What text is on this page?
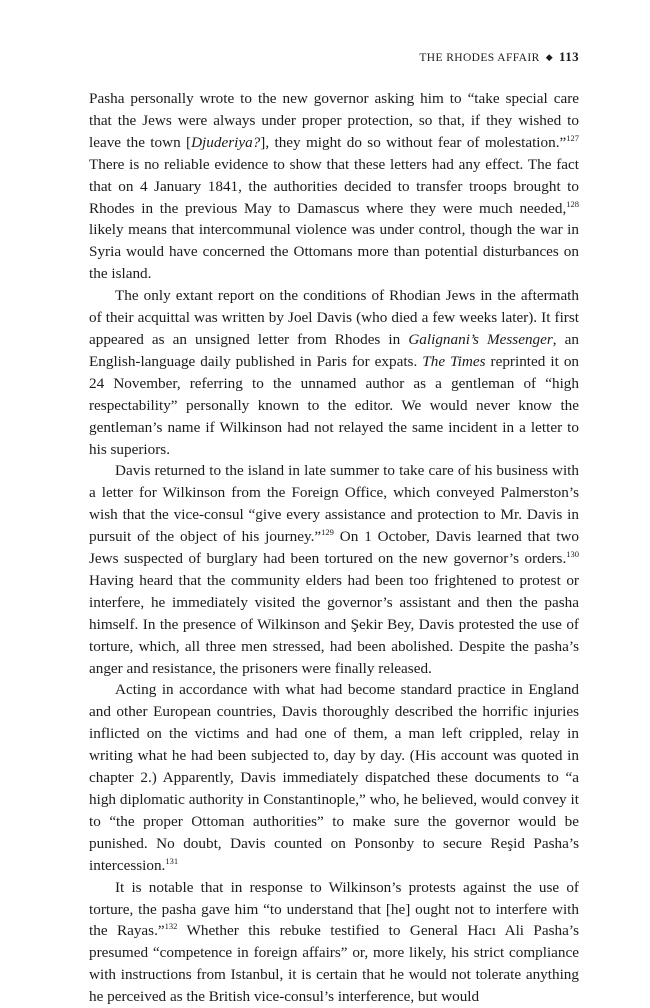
THE RHODES AFFAIR ◆ 113

Pasha personally wrote to the new governor asking him to “take special care that the Jews were always under proper protection, so that, if they wished to leave the town [Djuderiya?], they might do so without fear of molestation.”$^{127}$ There is no reliable evidence to show that these letters had any effect. The fact that on 4 January 1841, the authorities decided to transfer troops brought to Rhodes in the previous May to Damascus where they were much needed,$^{128}$ likely means that intercommunal violence was under control, though the war in Syria would have concerned the Ottomans more than potential disturbances on the island.

The only extant report on the conditions of Rhodian Jews in the aftermath of their acquittal was written by Joel Davis (who died a few weeks later). It first appeared as an unsigned letter from Rhodes in Galignani’s Messenger, an English-language daily published in Paris for expats. The Times reprinted it on 24 November, referring to the unnamed author as a gentleman of “high respectability” personally known to the editor. We would never know the gentleman’s name if Wilkinson had not relayed the same incident in a letter to his superiors.

Davis returned to the island in late summer to take care of his business with a letter for Wilkinson from the Foreign Office, which conveyed Palmerston’s wish that the vice-consul “give every assistance and protection to Mr. Davis in pursuit of the object of his journey.”$^{129}$ On 1 October, Davis learned that two Jews suspected of burglary had been tortured on the new governor’s orders.$^{130}$ Having heard that the community elders had been too frightened to protest or interfere, he immediately visited the governor’s assistant and then the pasha himself. In the presence of Wilkinson and Şekir Bey, Davis protested the use of torture, which, all three men stressed, had been abolished. Despite the pasha’s anger and resistance, the prisoners were finally released.

Acting in accordance with what had become standard practice in England and other European countries, Davis thoroughly described the horrific injuries inflicted on the victims and had one of them, a man left crippled, relay in writing what he had been subjected to, day by day. (His account was quoted in chapter 2.) Apparently, Davis immediately dispatched these documents to “a high diplomatic authority in Constantinople,” who, he believed, would convey it to “the proper Ottoman authorities” to make sure the governor would be punished. No doubt, Davis counted on Ponsonby to secure Reşid Pasha’s intercession.$^{131}$

It is notable that in response to Wilkinson’s protests against the use of torture, the pasha gave him “to understand that [he] ought not to interfere with the Rayas.”$^{132}$ Whether this rebuke testified to General Hacı Ali Pasha’s presumed “competence in foreign affairs” or, more likely, his strict compliance with instructions from Istanbul, it is certain that he would not tolerate anything he perceived as the British vice-consul’s interference, but would
